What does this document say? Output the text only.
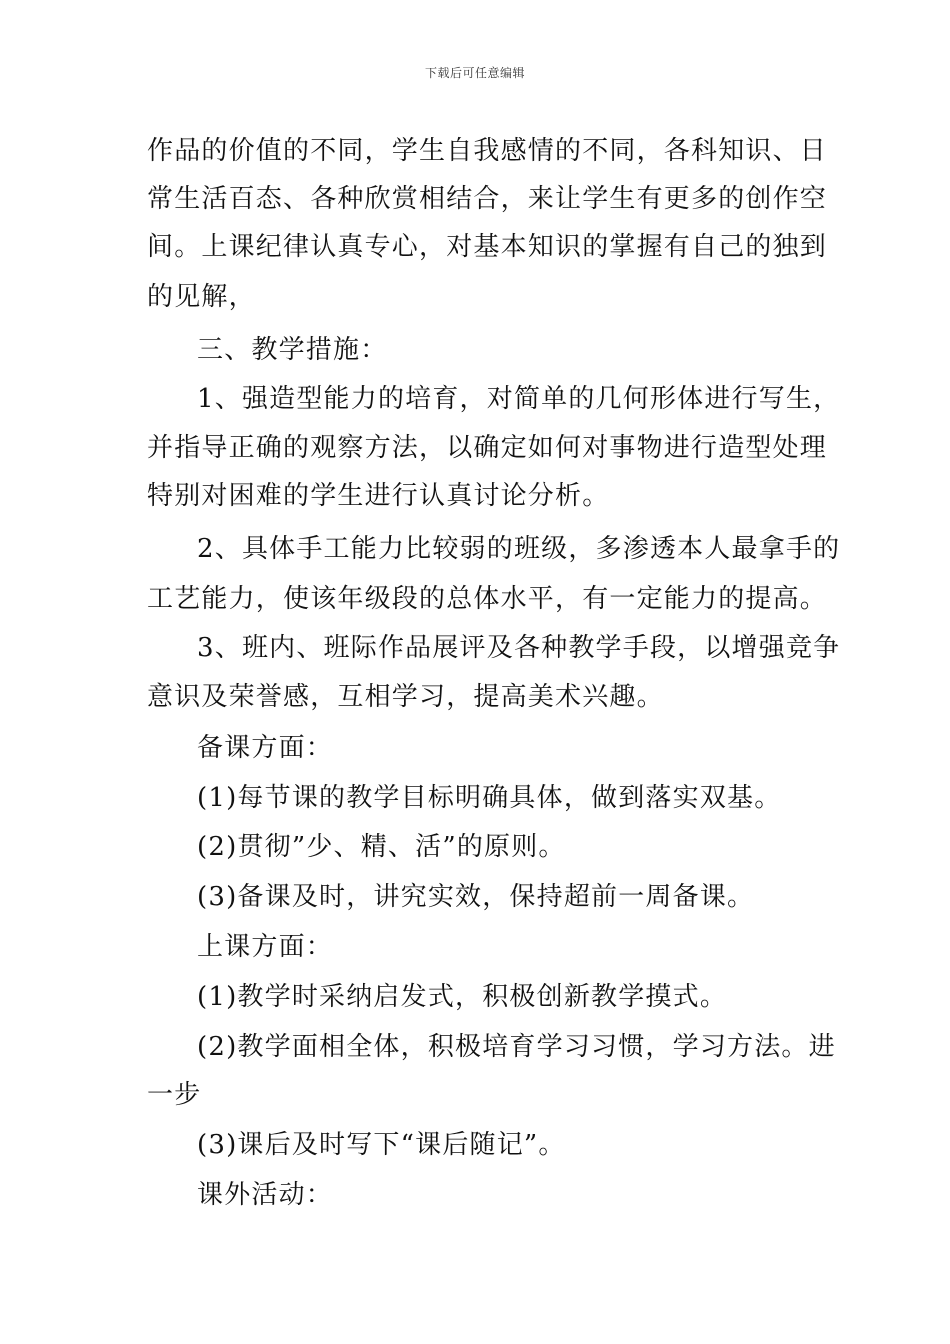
下载后可任意编辑
作品的价值的不同，学生自我感情的不同，各科知识、日
常生活百态、各种欣赏相结合，来让学生有更多的创作空
间。上课纪律认真专心，对基本知识的掌握有自己的独到
的见解，
三、教学措施：
1、强造型能力的培育，对简单的几何形体进行写生，
并指导正确的观察方法，以确定如何对事物进行造型处理
特别对困难的学生进行认真讨论分析。
2、具体手工能力比较弱的班级，多渗透本人最拿手的
工艺能力，使该年级段的总体水平，有一定能力的提高。
3、班内、班际作品展评及各种教学手段，以增强竞争
意识及荣誉感，互相学习，提高美术兴趣。
备课方面：
(1)每节课的教学目标明确具体，做到落实双基。
(2)贯彻”少、精、活”的原则。
(3)备课及时，讲究实效，保持超前一周备课。
上课方面：
(1)教学时采纳启发式，积极创新教学摸式。
(2)教学面相全体，积极培育学习习惯，学习方法。进
一步
(3)课后及时写下“课后随记”。
课外活动：
